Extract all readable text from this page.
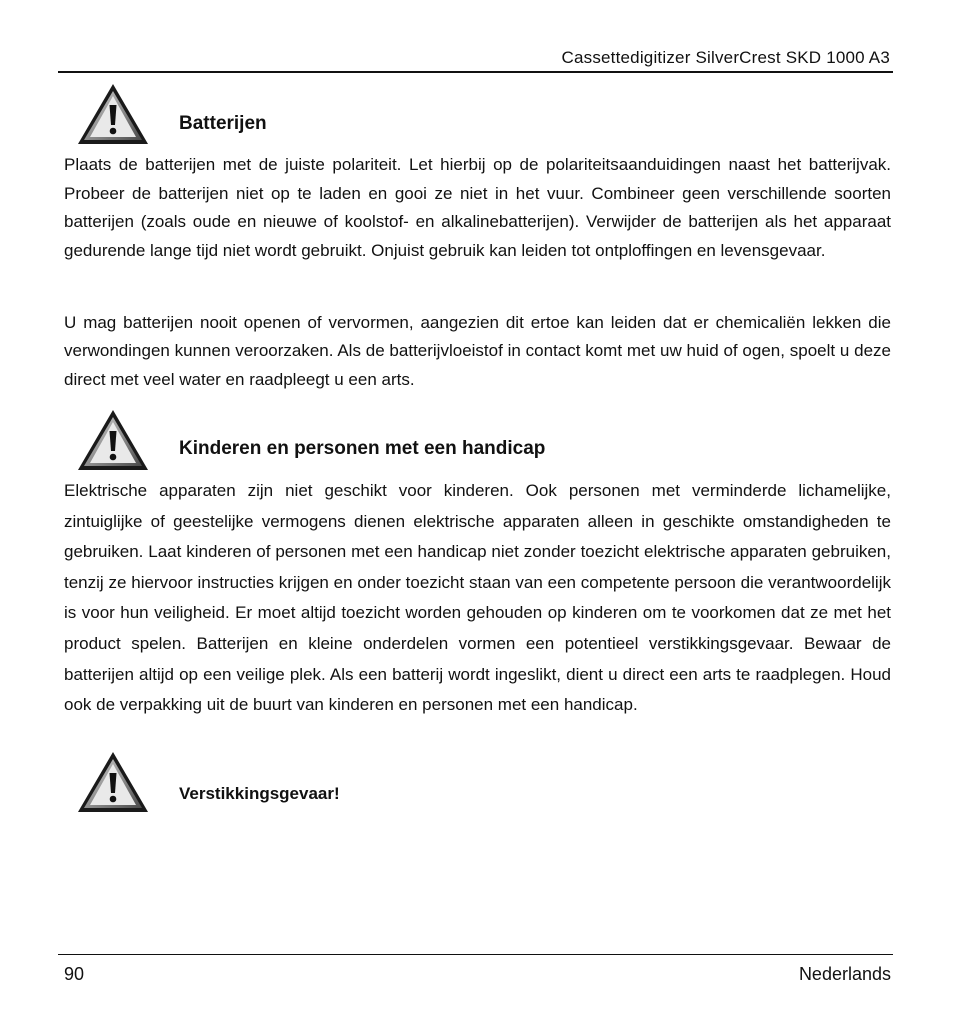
Cassettedigitizer SilverCrest SKD 1000 A3
Batterijen

Plaats de batterijen met de juiste polariteit. Let hierbij op de polariteitsaanduidingen naast het batterijvak. Probeer de batterijen niet op te laden en gooi ze niet in het vuur. Combineer geen verschillende soorten batterijen (zoals oude en nieuwe of koolstof- en alkalinebatterijen). Verwijder de batterijen als het apparaat gedurende lange tijd niet wordt gebruikt. Onjuist gebruik kan leiden tot ontploffingen en levensgevaar.

U mag batterijen nooit openen of vervormen, aangezien dit ertoe kan leiden dat er chemicaliën lekken die verwondingen kunnen veroorzaken. Als de batterijvloeistof in contact komt met uw huid of ogen, spoelt u deze direct met veel water en raadpleegt u een arts.

Kinderen en personen met een handicap

Elektrische apparaten zijn niet geschikt voor kinderen. Ook personen met verminderde lichamelijke, zintuiglijke of geestelijke vermogens dienen elektrische apparaten alleen in geschikte omstandigheden te gebruiken. Laat kinderen of personen met een handicap niet zonder toezicht elektrische apparaten gebruiken, tenzij ze hiervoor instructies krijgen en onder toezicht staan van een competente persoon die verantwoordelijk is voor hun veiligheid. Er moet altijd toezicht worden gehouden op kinderen om te voorkomen dat ze met het product spelen. Batterijen en kleine onderdelen vormen een potentieel verstikkingsgevaar. Bewaar de batterijen altijd op een veilige plek. Als een batterij wordt ingeslikt, dient u direct een arts te raadplegen. Houd ook de verpakking uit de buurt van kinderen en personen met een handicap.

Verstikkingsgevaar!
90	Nederlands
